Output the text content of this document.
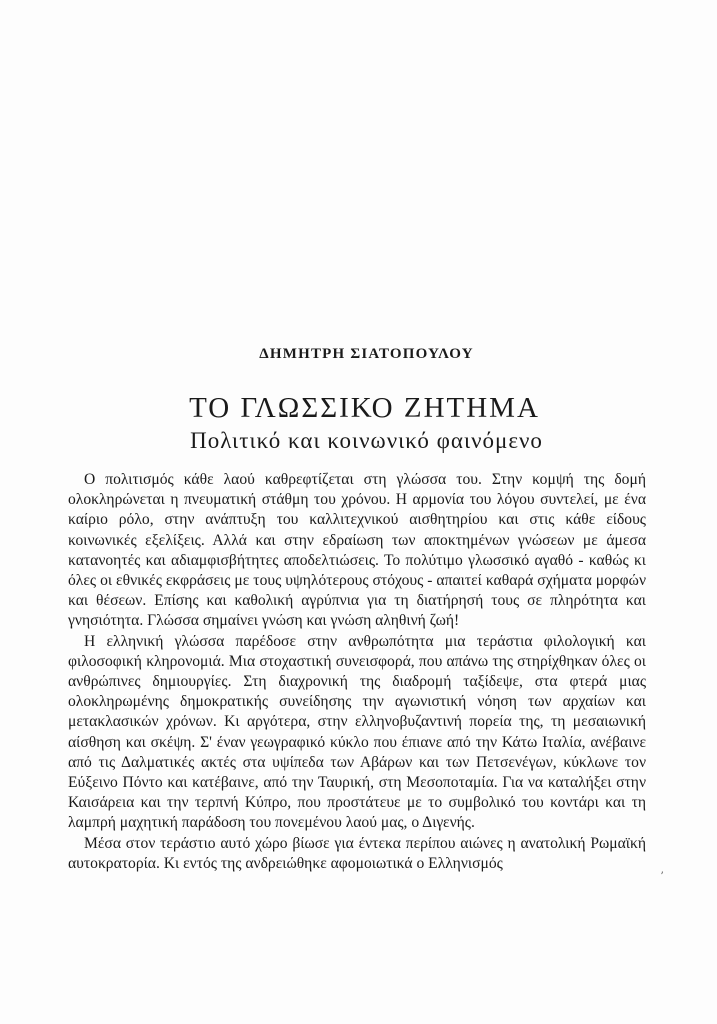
ΔΗΜΗΤΡΗ ΣΙΑΤΟΠΟΥΛΟΥ
ΤΟ ΓΛΩΣΣΙΚΟ ΖΗΤΗΜΑ
Πολιτικό και κοινωνικό φαινόμενο

Ο πολιτισμός κάθε λαού καθρεφτίζεται στη γλώσσα του. Στην κομψή της δομή ολοκληρώνεται η πνευματική στάθμη του χρόνου. Η αρμονία του λόγου συντελεί, με ένα καίριο ρόλο, στην ανάπτυξη του καλλιτεχνικού αισθητηρίου και στις κάθε είδους κοινωνικές εξελίξεις. Αλλά και στην εδραίωση των αποκτημένων γνώσεων με άμεσα κατανοητές και αδιαμφισβήτητες αποδελτιώσεις. Το πολύτιμο γλωσσικό αγαθό - καθώς κι όλες οι εθνικές εκφράσεις με τους υψηλότερους στόχους - απαιτεί καθαρά σχήματα μορφών και θέσεων. Επίσης και καθολική αγρύπνια για τη διατήρησή τους σε πληρότητα και γνησιότητα. Γλώσσα σημαίνει γνώση και γνώση αληθινή ζωή!

Η ελληνική γλώσσα παρέδοσε στην ανθρωπότητα μια τεράστια φιλολογική και φιλοσοφική κληρονομιά. Μια στοχαστική συνεισφορά, που απάνω της στηρίχθηκαν όλες οι ανθρώπινες δημιουργίες. Στη διαχρονική της διαδρομή ταξίδεψε, στα φτερά μιας ολοκληρωμένης δημοκρατικής συνείδησης την αγωνιστική νόηση των αρχαίων και μετακλασικών χρόνων. Κι αργότερα, στην ελληνοβυζαντινή πορεία της, τη μεσαιωνική αίσθηση και σκέψη. Σ' έναν γεωγραφικό κύκλο που έπιανε από την Κάτω Ιταλία, ανέβαινε από τις Δαλματικές ακτές στα υψίπεδα των Αβάρων και των Πετσενέγων, κύκλωνε τον Εύξεινο Πόντο και κατέβαινε, από την Ταυρική, στη Μεσοποταμία. Για να καταλήξει στην Καισάρεια και την τερπνή Κύπρο, που προστάτευε με το συμβολικό του κοντάρι και τη λαμπρή μαχητική παράδοση του πονεμένου λαού μας, ο Διγενής.

Μέσα στον τεράστιο αυτό χώρο βίωσε για έντεκα περίπου αιώνες η ανατολική Ρωμαϊκή αυτοκρατορία. Κι εντός της ανδρειώθηκε αφομοιωτικά ο Ελληνισμός

ʼ
